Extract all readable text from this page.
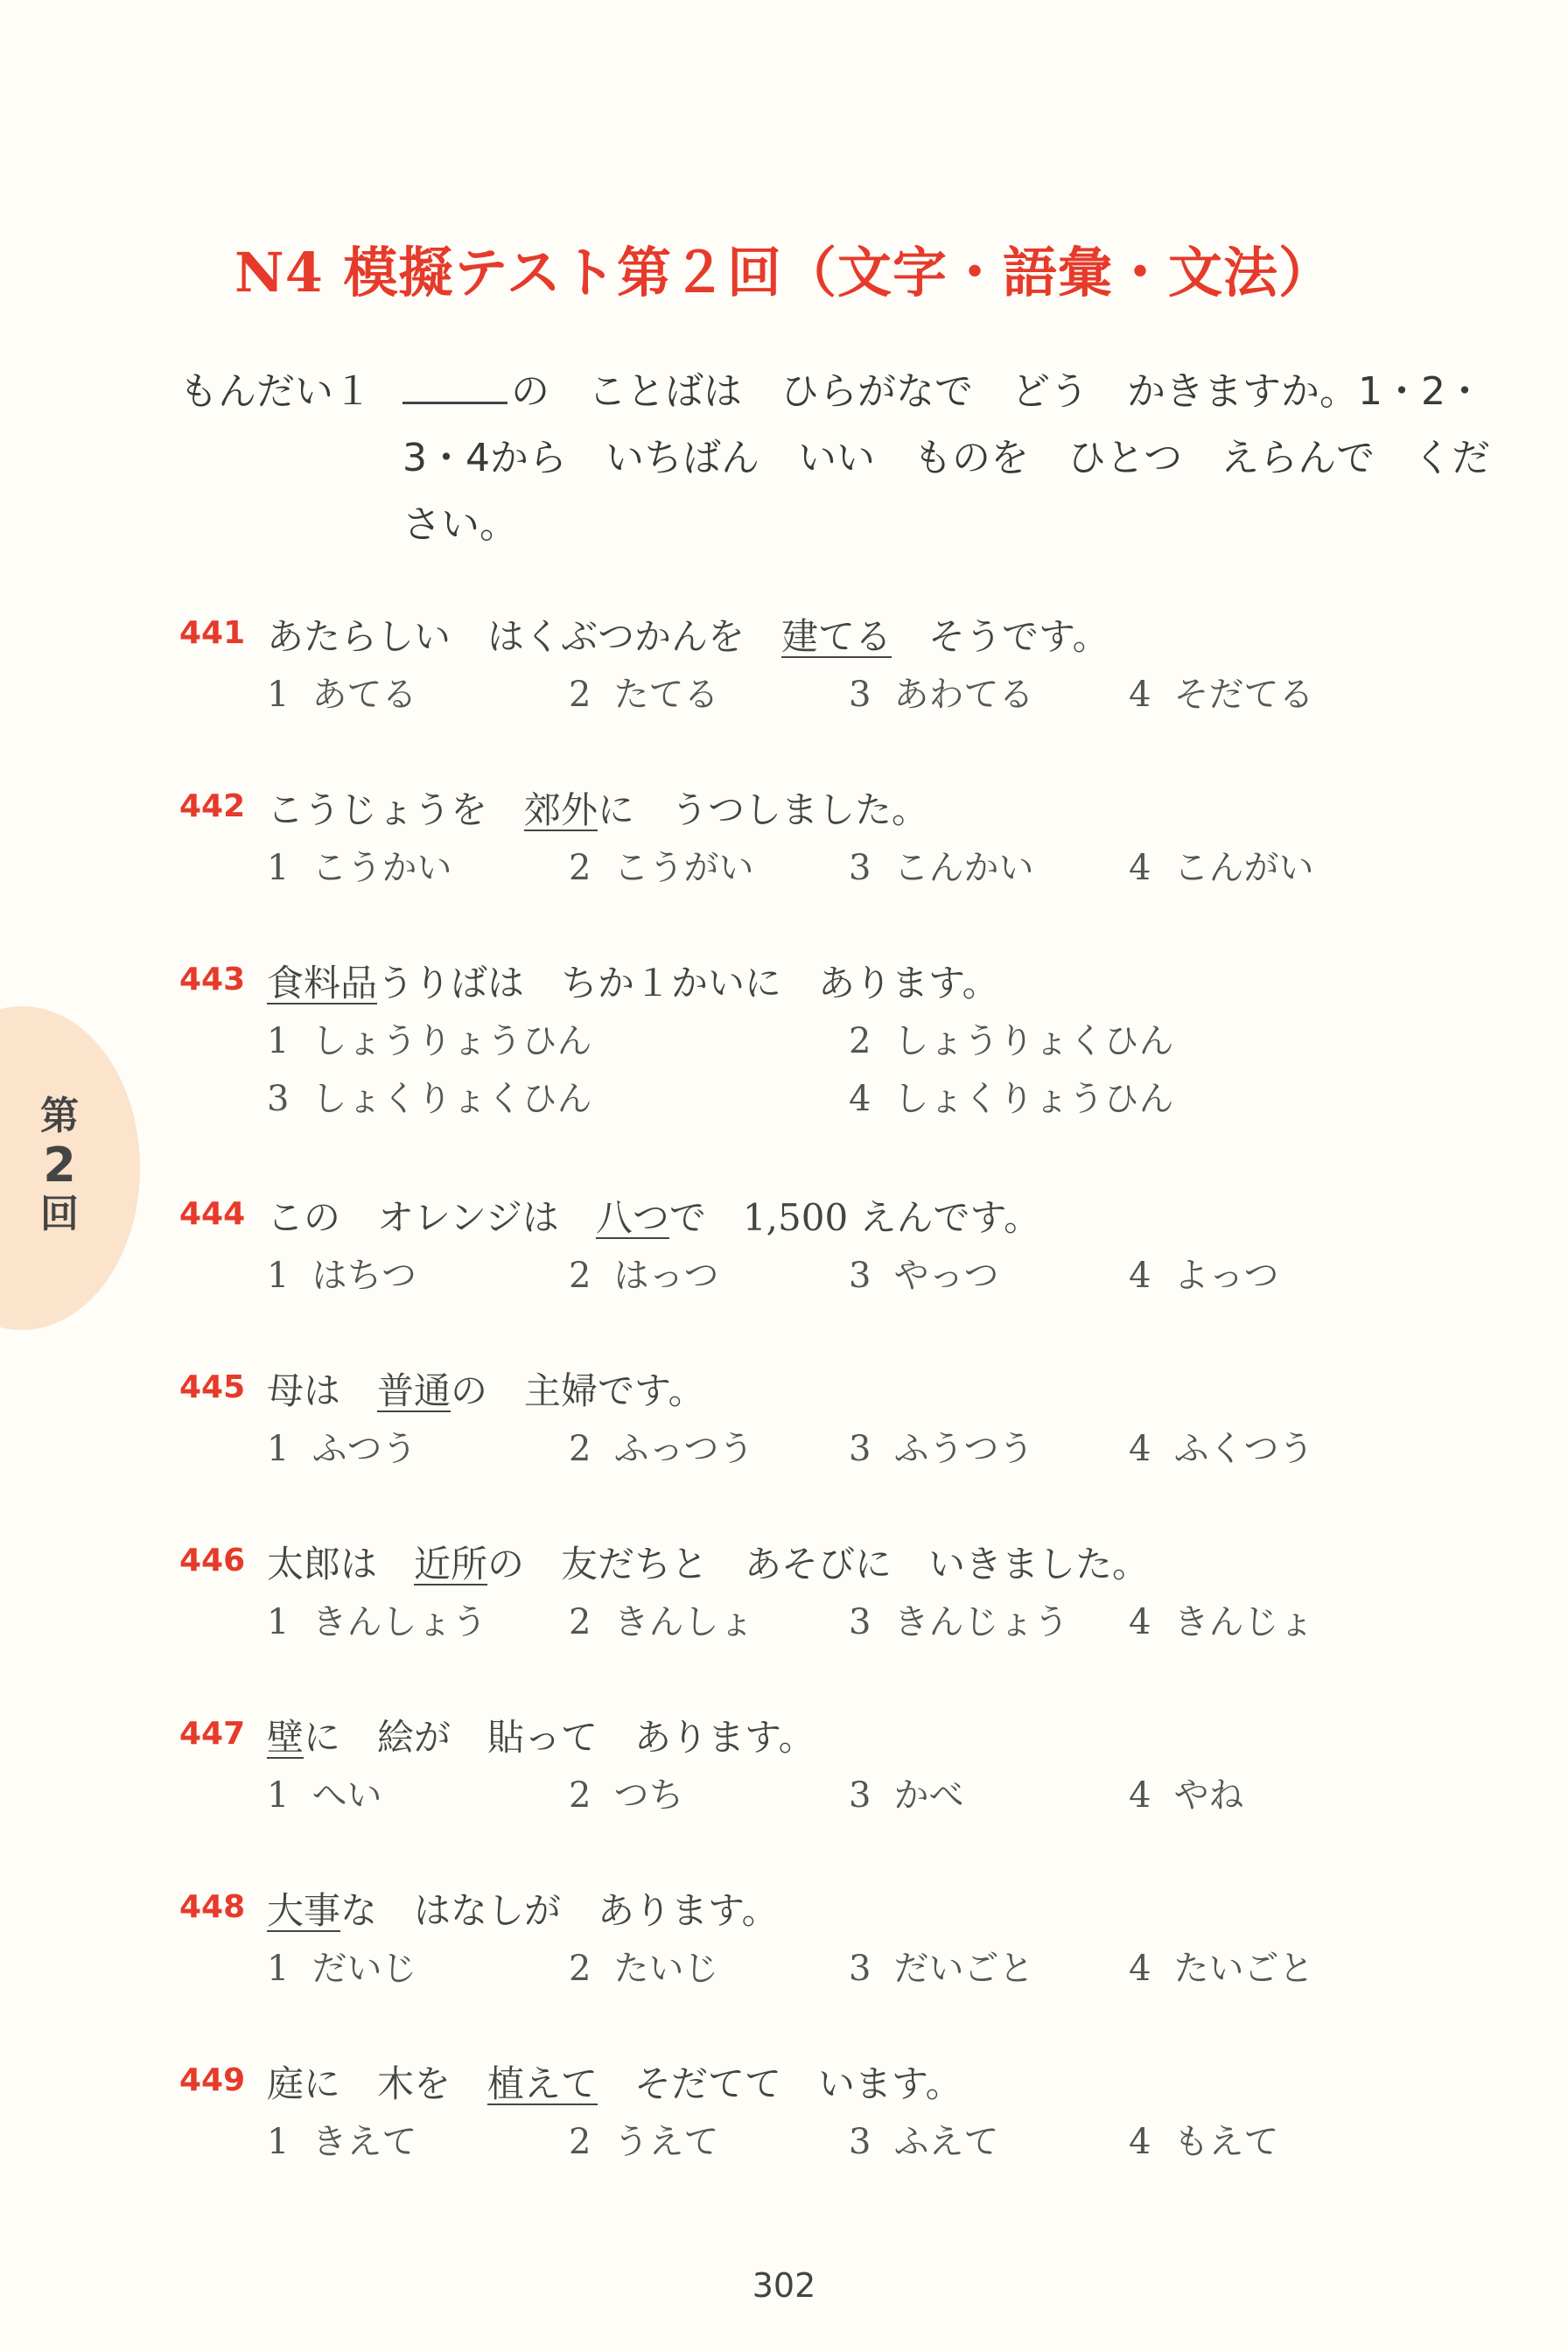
第
2
回
N4 模擬テスト第２回（文字・語彙・文法）
もんだい１	の　ことばは　ひらがなで　どう　かきますか。1・2・
3・4から　いちばん　いい　ものを　ひとつ　えらんで　くだ
さい。
441 あたらしい　はくぶつかんを　建てる　そうです。
1 あてる	2 たてる	3 あわてる	4 そだてる
442 こうじょうを　郊外に　うつしました。
1 こうかい	2 こうがい	3 こんかい	4 こんがい
443 食料品うりばは　ちか１かいに　あります。
1 しょうりょうひん	2 しょうりょくひん
3 しょくりょくひん	4 しょくりょうひん
444 この　オレンジは　八つで　1,500 えんです。
1 はちつ	2 はっつ	3 やっつ	4 よっつ
445 母は　普通の　主婦です。
1 ふつう	2 ふっつう	3 ふうつう	4 ふくつう
446 太郎は　近所の　友だちと　あそびに　いきました。
1 きんしょう 2 きんしょ	3 きんじょう 4 きんじょ
447 壁に　絵が　貼って　あります。
1 へい	2 つち	3 かべ	4 やね
448 大事な　はなしが　あります。
1 だいじ	2 たいじ	3 だいごと	4 たいごと
449 庭に　木を　植えて　そだてて　います。
1 きえて	2 うえて	3 ふえて	4 もえて
302
